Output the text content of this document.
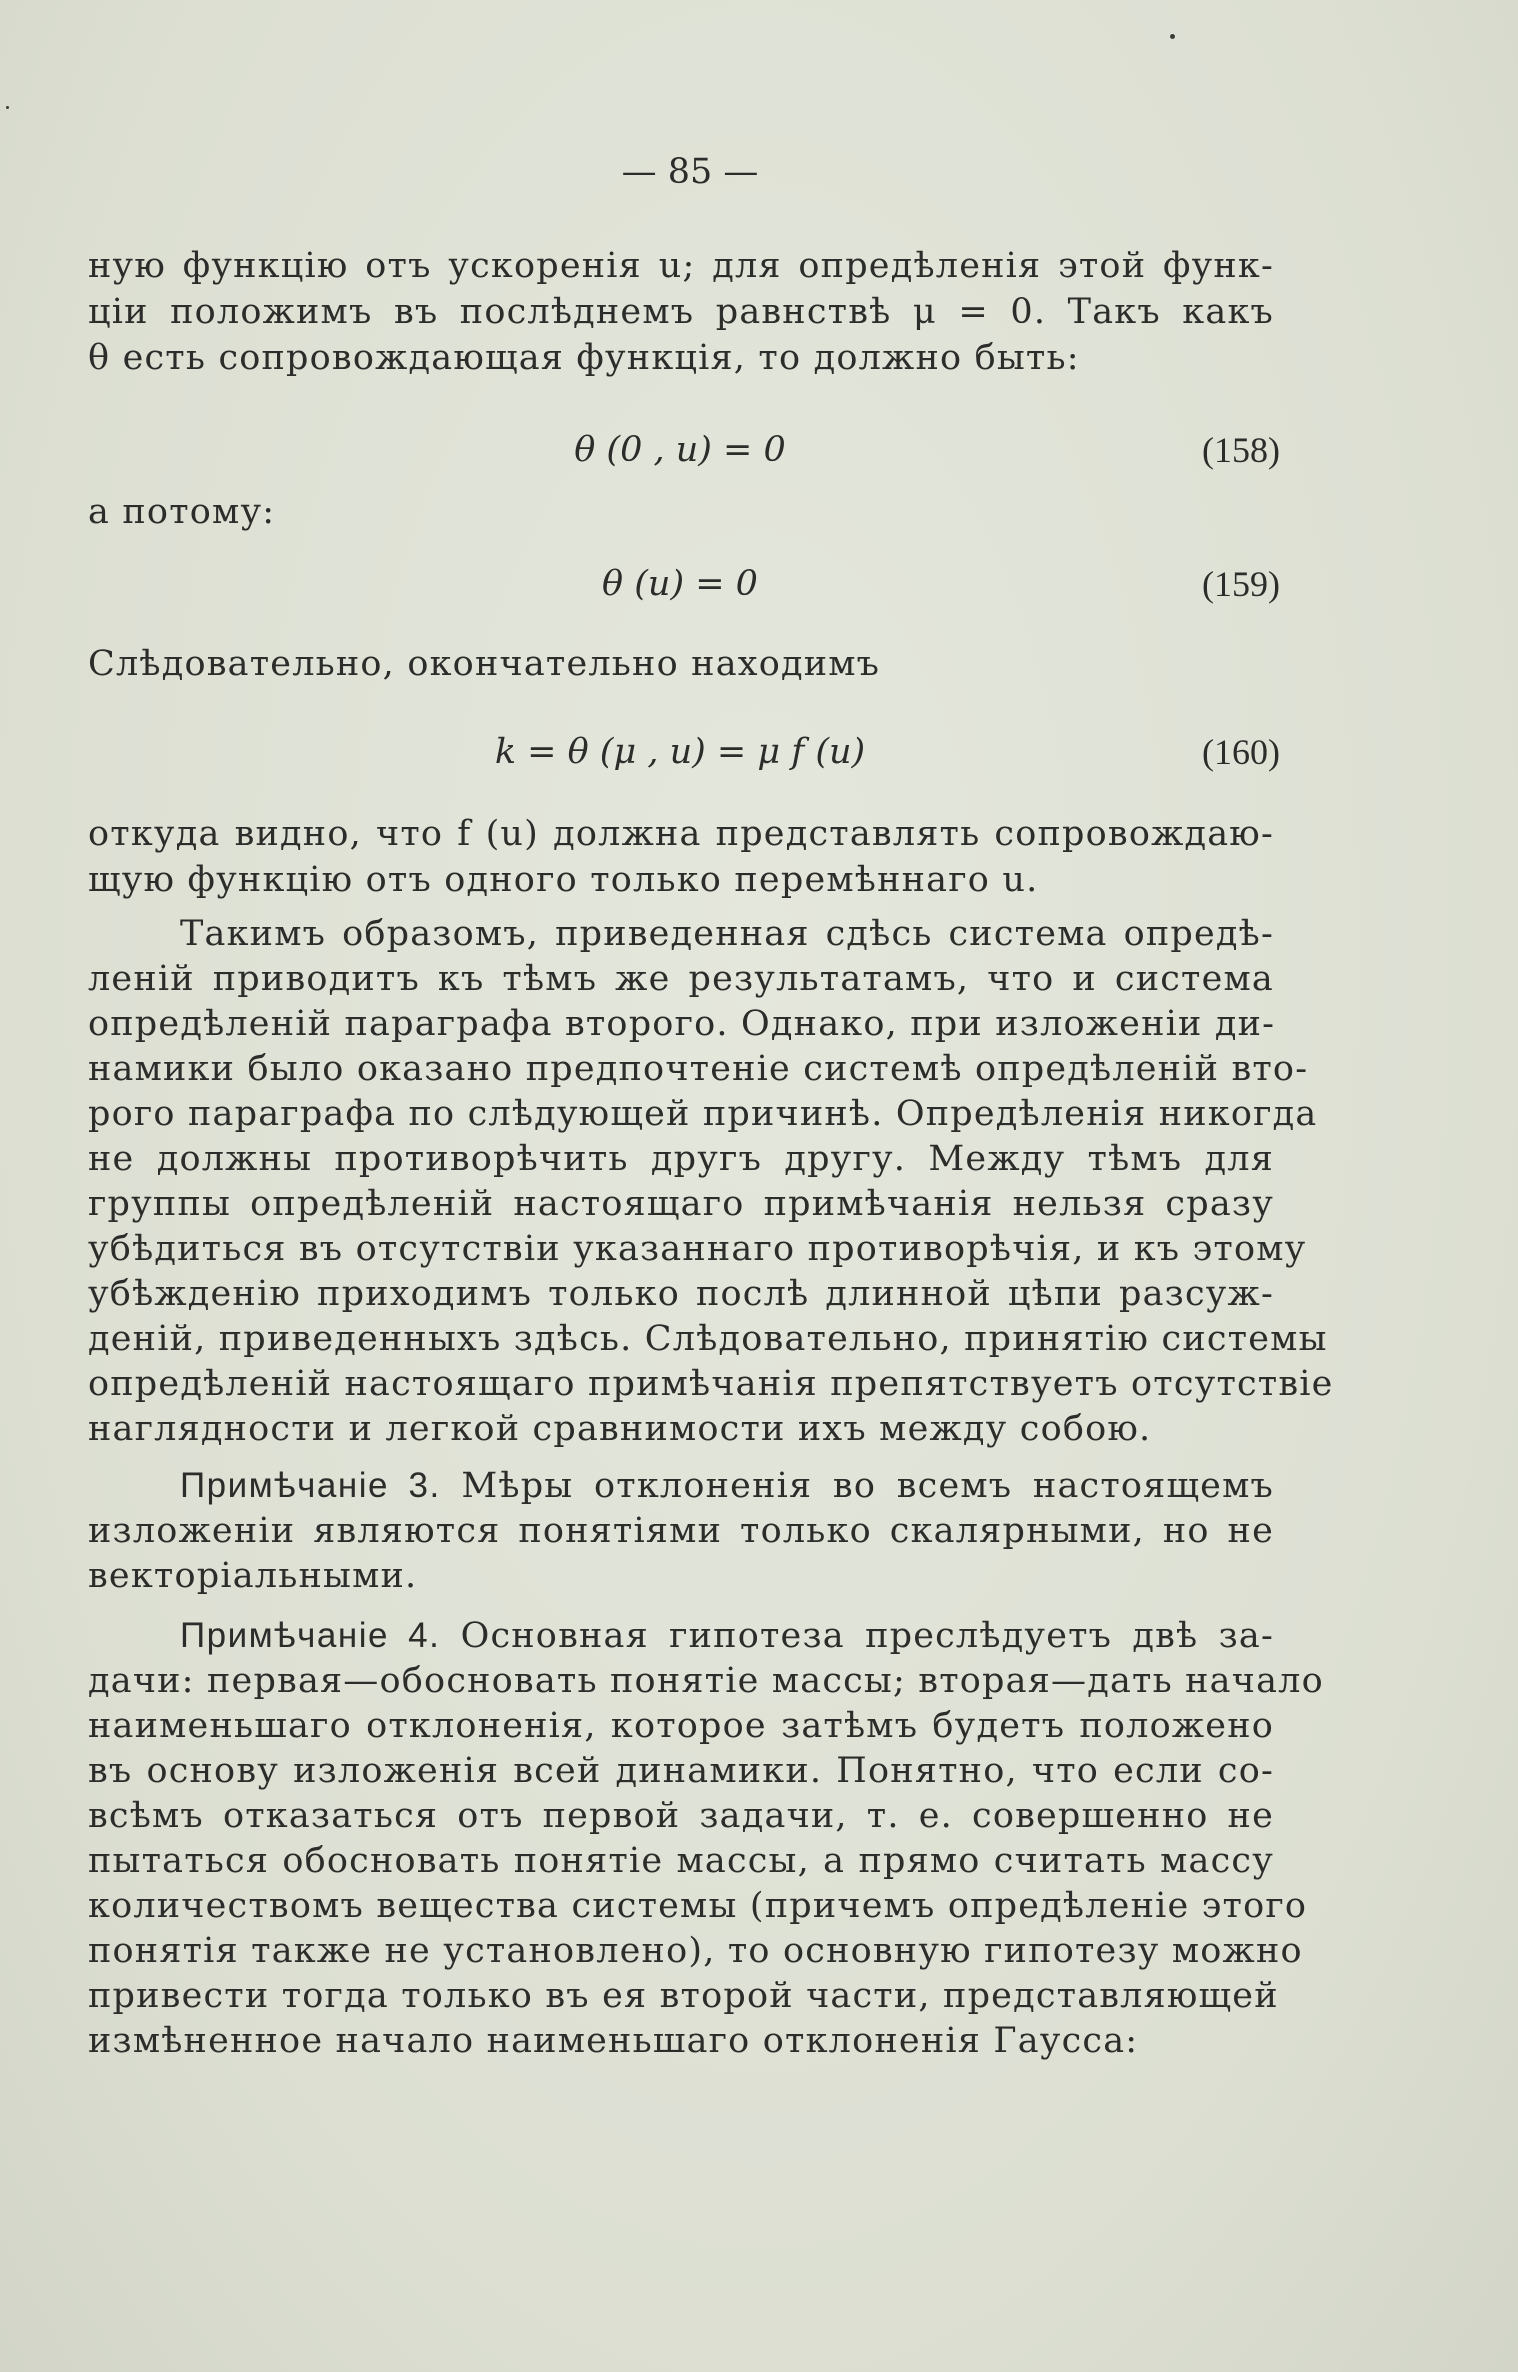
— 85 —
ную функцію отъ ускоренія u; для опредѣленія этой функ-
ціи положимъ въ послѣднемъ равнствѣ μ = 0. Такъ какъ
θ есть сопровождающая функція, то должно быть:
θ (0 , u) = 0	(158)
а потому:
θ (u) = 0	(159)
Слѣдовательно, окончательно находимъ
k = θ (μ , u) = μ f (u)	(160)
откуда видно, что f (u) должна представлять сопровождаю-
щую функцію отъ одного только перемѣннаго u.
Такимъ образомъ, приведенная сдѣсь система опредѣ-
леній приводитъ къ тѣмъ же результатамъ, что и система
опредѣленій параграфа второго. Однако, при изложеніи ди-
намики было оказано предпочтеніе системѣ опредѣленій вто-
рого параграфа по слѣдующей причинѣ. Опредѣленія никогда
не должны противорѣчить другъ другу. Между тѣмъ для
группы опредѣленій настоящаго примѣчанія нельзя сразу
убѣдиться въ отсутствіи указаннаго противорѣчія, и къ этому
убѣжденію приходимъ только послѣ длинной цѣпи разсуж-
деній, приведенныхъ здѣсь. Слѣдовательно, принятію системы
опредѣленій настоящаго примѣчанія препятствуетъ отсутствіе
наглядности и легкой сравнимости ихъ между собою.
Примѣчаніе 3. Мѣры отклоненія во всемъ настоящемъ
изложеніи являются понятіями только скалярными, но не
векторіальными.
Примѣчаніе 4. Основная гипотеза преслѣдуетъ двѣ за-
дачи: первая—обосновать понятіе массы; вторая—дать начало
наименьшаго отклоненія, которое затѣмъ будетъ положено
въ основу изложенія всей динамики. Понятно, что если со-
всѣмъ отказаться отъ первой задачи, т. е. совершенно не
пытаться обосновать понятіе массы, а прямо считать массу
количествомъ вещества системы (причемъ опредѣленіе этого
понятія также не установлено), то основную гипотезу можно
привести тогда только въ ея второй части, представляющей
измѣненное начало наименьшаго отклоненія Гаусса:
